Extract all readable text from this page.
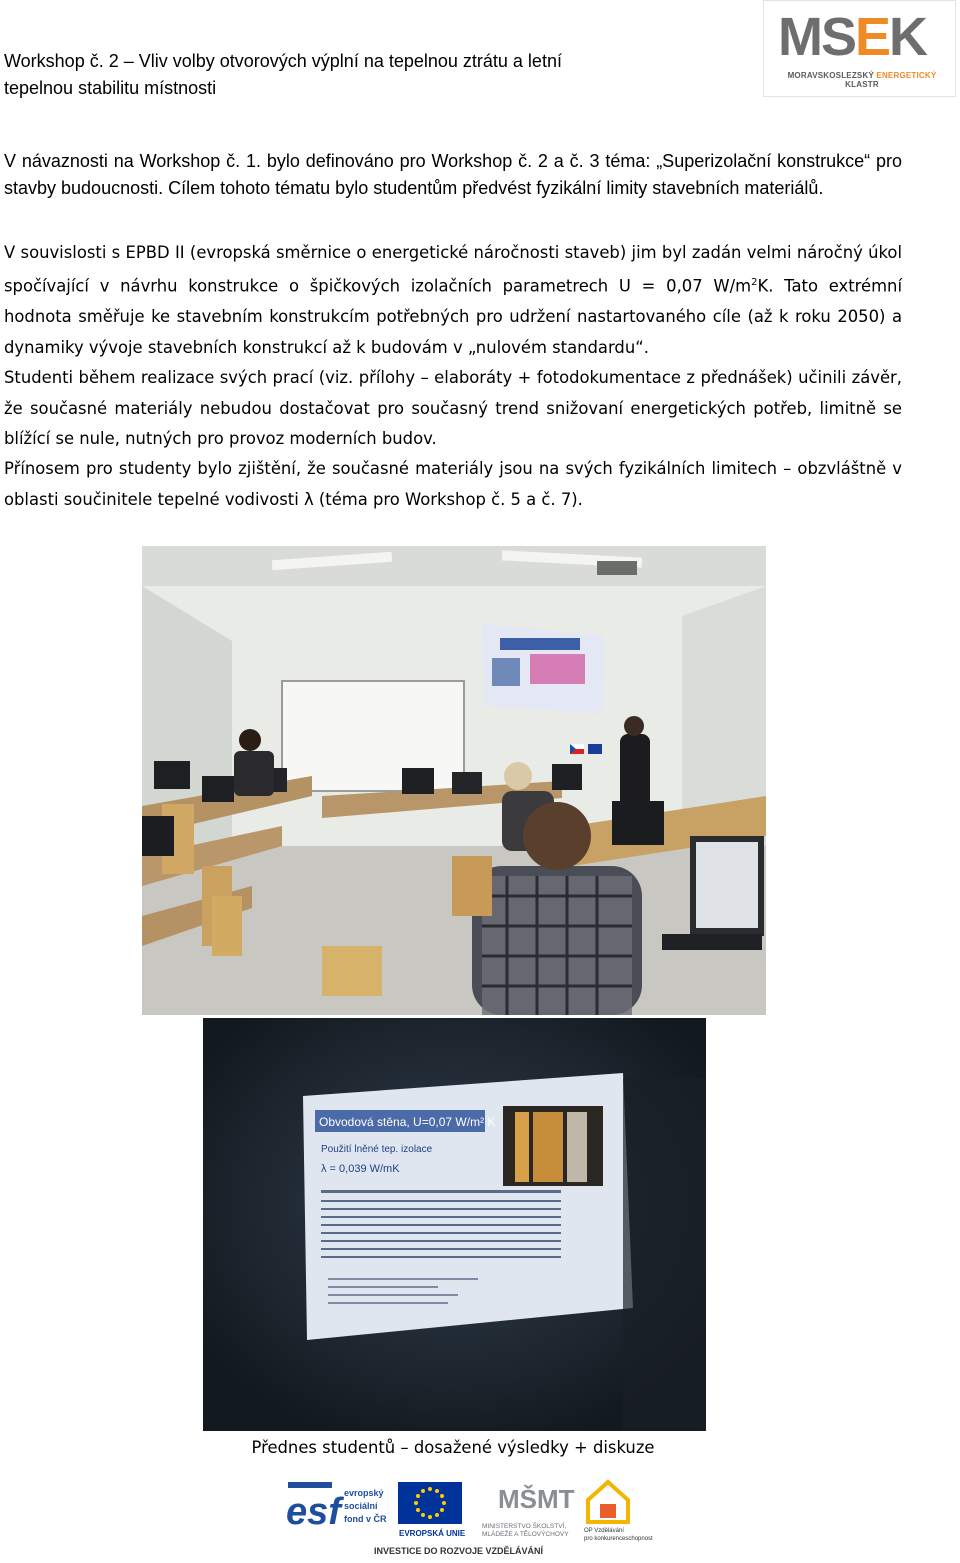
Workshop č. 2 – Vliv volby otvorových výplní na tepelnou ztrátu a letní
tepelnou stabilitu místnosti
MSEK
MORAVSKOSLEZSKÝ ENERGETICKÝ KLASTR
V návaznosti na Workshop č. 1. bylo definováno pro Workshop č. 2 a č. 3 téma: „Superizolační konstrukce“ pro stavby budoucnosti. Cílem tohoto tématu bylo studentům předvést fyzikální limity stavebních materiálů.

V souvislosti s EPBD II (evropská směrnice o energetické náročnosti staveb) jim byl zadán velmi náročný úkol spočívající v návrhu konstrukce o špičkových izolačních parametrech U = 0,07 $W/m^2K$. Tato extrémní hodnota směřuje ke stavebním konstrukcím potřebných pro udržení nastartovaného cíle (až k roku 2050) a dynamiky vývoje stavebních konstrukcí až k budovám v „nulovém standardu“.

Studenti během realizace svých prací (viz. přílohy – elaboráty + fotodokumentace z přednášek) učinili závěr, že současné materiály nebudou dostačovat pro současný trend snižovaní energetických potřeb, limitně se blížící se nule, nutných pro provoz moderních budov.

Přínosem pro studenty bylo zjištění, že současné materiály jsou na svých fyzikálních limitech – obzvláštně v oblasti součinitele tepelné vodivosti λ (téma pro Workshop č. 5 a č. 7).

Obvodová stěna, U=0,07 W/m² K
Použití lněné tep. izolace
λ = 0,039 W/mK
Přednes studentů – dosažené výsledky + diskuze
esf evropský
sociální
fond v ČR
EVROPSKÁ UNIE
MŠMT
MINISTERSTVO ŠKOLSTVÍ,
MLÁDEŽE A TĚLOVÝCHOVY	OP Vzdělávání
pro konkurenceschopnost
INVESTICE DO ROZVOJE VZDĚLÁVÁNÍ
